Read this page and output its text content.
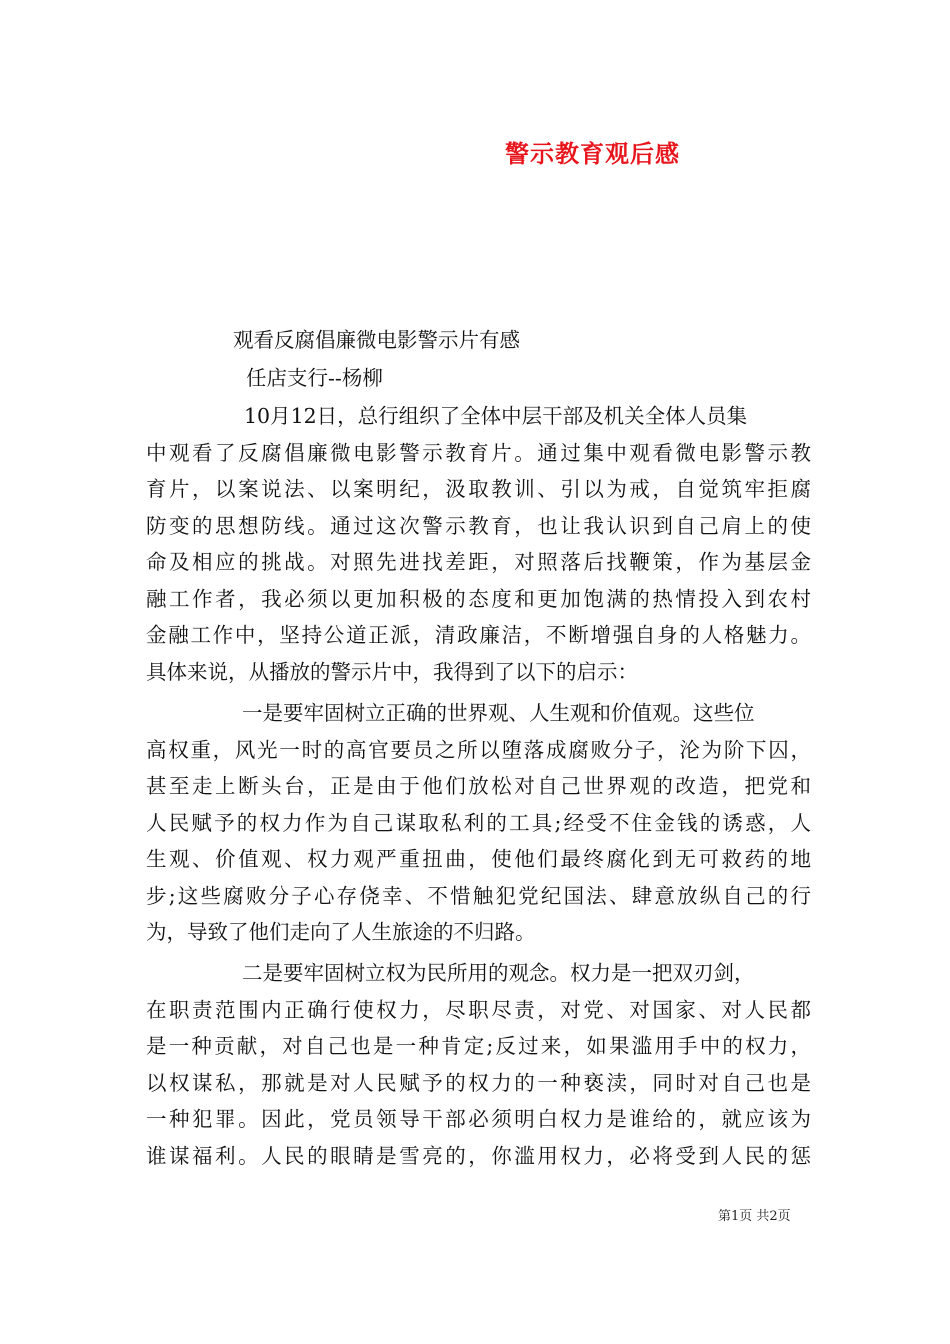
警示教育观后感
观看反腐倡廉微电影警示片有感
任店支行--杨柳
10月12日，总行组织了全体中层干部及机关全体人员集
中观看了反腐倡廉微电影警示教育片。通过集中观看微电影警示教
育片，以案说法、以案明纪，汲取教训、引以为戒，自觉筑牢拒腐
防变的思想防线。通过这次警示教育，也让我认识到自己肩上的使
命及相应的挑战。对照先进找差距，对照落后找鞭策，作为基层金
融工作者，我必须以更加积极的态度和更加饱满的热情投入到农村
金融工作中，坚持公道正派，清政廉洁，不断增强自身的人格魅力。
具体来说，从播放的警示片中，我得到了以下的启示：
一是要牢固树立正确的世界观、人生观和价值观。这些位
高权重，风光一时的高官要员之所以堕落成腐败分子，沦为阶下囚，
甚至走上断头台，正是由于他们放松对自己世界观的改造，把党和
人民赋予的权力作为自己谋取私利的工具;经受不住金钱的诱惑，人
生观、价值观、权力观严重扭曲，使他们最终腐化到无可救药的地
步;这些腐败分子心存侥幸、不惜触犯党纪国法、肆意放纵自己的行
为，导致了他们走向了人生旅途的不归路。
二是要牢固树立权为民所用的观念。权力是一把双刃剑，
在职责范围内正确行使权力，尽职尽责，对党、对国家、对人民都
是一种贡献，对自己也是一种肯定;反过来，如果滥用手中的权力，
以权谋私，那就是对人民赋予的权力的一种亵渎，同时对自己也是
一种犯罪。因此，党员领导干部必须明白权力是谁给的，就应该为
谁谋福利。人民的眼睛是雪亮的，你滥用权力，必将受到人民的惩
第1页 共2页
